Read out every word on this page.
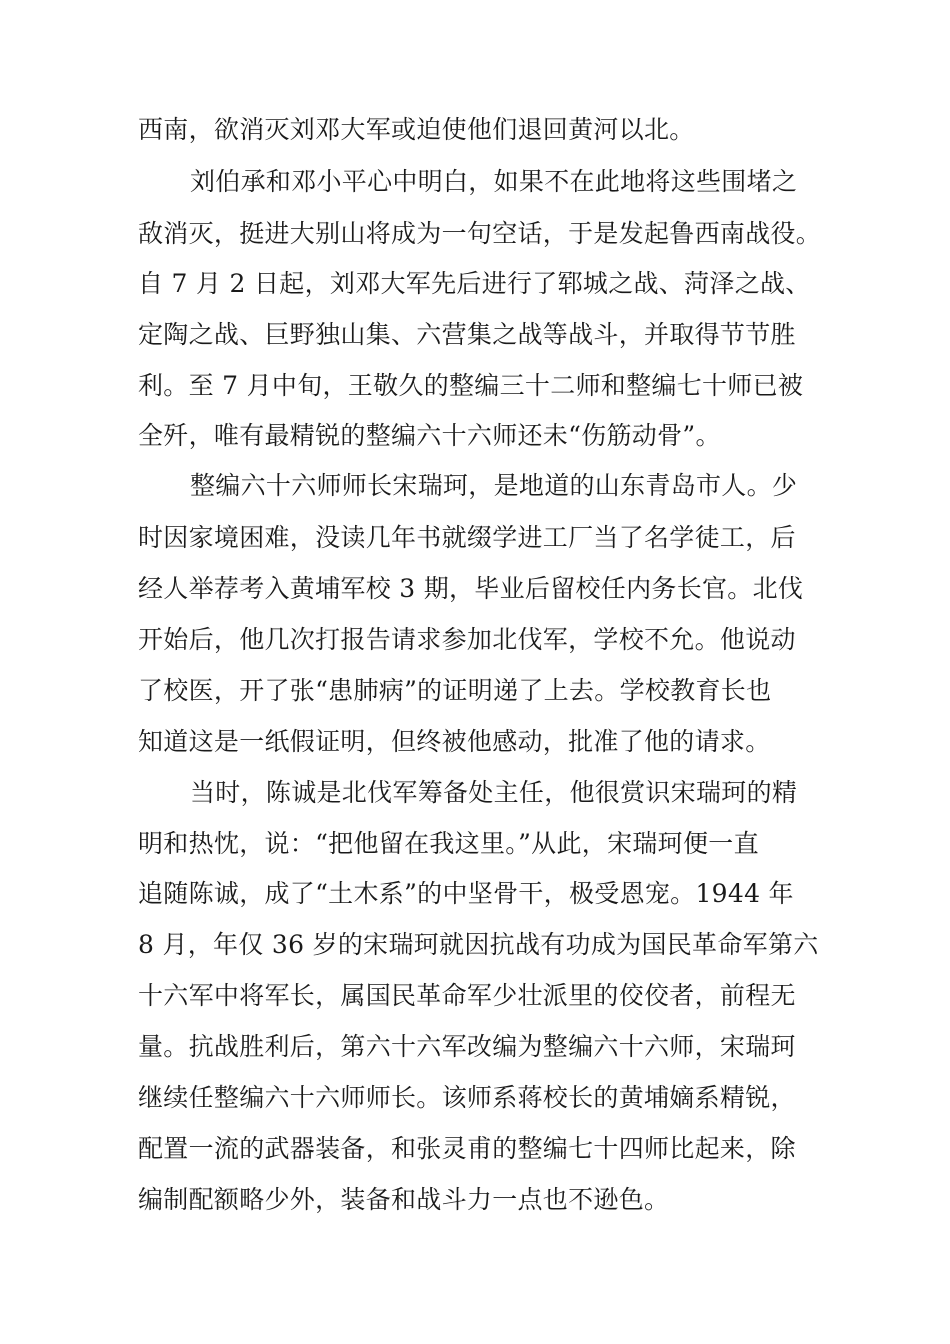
西南，欲消灭刘邓大军或迫使他们退回黄河以北。
刘伯承和邓小平心中明白，如果不在此地将这些围堵之
敌消灭，挺进大别山将成为一句空话，于是发起鲁西南战役。
自 7 月 2 日起，刘邓大军先后进行了郓城之战、菏泽之战、
定陶之战、巨野独山集、六营集之战等战斗，并取得节节胜
利。至 7 月中旬，王敬久的整编三十二师和整编七十师已被
全歼，唯有最精锐的整编六十六师还未“伤筋动骨”。
整编六十六师师长宋瑞珂，是地道的山东青岛市人。少
时因家境困难，没读几年书就缀学进工厂当了名学徒工，后
经人举荐考入黄埔军校 3 期，毕业后留校任内务长官。北伐
开始后，他几次打报告请求参加北伐军，学校不允。他说动
了校医，开了张“患肺病”的证明递了上去。学校教育长也
知道这是一纸假证明，但终被他感动，批准了他的请求。
当时，陈诚是北伐军筹备处主任，他很赏识宋瑞珂的精
明和热忱，说：“把他留在我这里。”从此，宋瑞珂便一直
追随陈诚，成了“土木系”的中坚骨干，极受恩宠。1944 年
8 月，年仅 36 岁的宋瑞珂就因抗战有功成为国民革命军第六
十六军中将军长，属国民革命军少壮派里的佼佼者，前程无
量。抗战胜利后，第六十六军改编为整编六十六师，宋瑞珂
继续任整编六十六师师长。该师系蒋校长的黄埔嫡系精锐，
配置一流的武器装备，和张灵甫的整编七十四师比起来，除
编制配额略少外，装备和战斗力一点也不逊色。
